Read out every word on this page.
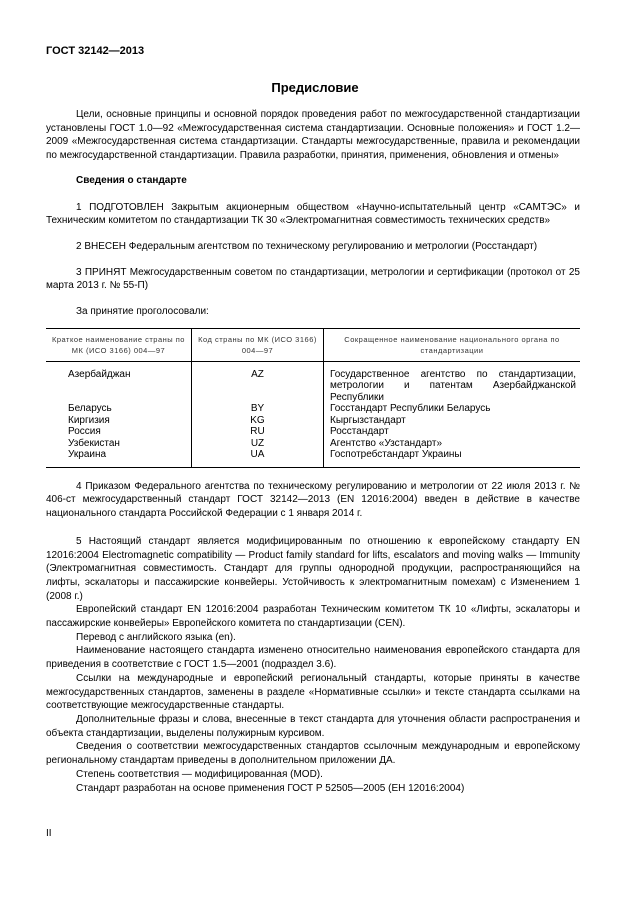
ГОСТ 32142—2013
Предисловие

Цели, основные принципы и основной порядок проведения работ по межгосударственной стандартизации установлены ГОСТ 1.0—92 «Межгосударственная система стандартизации. Основные положения» и ГОСТ 1.2—2009 «Межгосударственная система стандартизации. Стандарты межгосударственные, правила и рекомендации по межгосударственной стандартизации. Правила разработки, принятия, применения, обновления и отмены»

Сведения о стандарте

1 ПОДГОТОВЛЕН Закрытым акционерным обществом «Научно-испытательный центр «САМТЭС» и Техническим комитетом по стандартизации ТК 30 «Электромагнитная совместимость технических средств»

2 ВНЕСЕН Федеральным агентством по техническому регулированию и метрологии (Росстандарт)

3 ПРИНЯТ Межгосударственным советом по стандартизации, метрологии и сертификации (протокол от 25 марта 2013 г. № 55-П)

За принятие проголосовали:

Краткое наименование страны по МК (ИСО 3166) 004—97	Код страны по МК (ИСО 3166) 004—97	Сокращенное наименование национального органа по стандартизации
Азербайджан	AZ	Государственное агентство по стандартизации, метрологии и патентам Азербайджанской Республики
Беларусь	BY	Госстандарт Республики Беларусь
Киргизия	KG	Кыргызстандарт
Россия	RU	Росстандарт
Узбекистан	UZ	Агентство «Узстандарт»
Украина	UA	Госпотребстандарт Украины

4 Приказом Федерального агентства по техническому регулированию и метрологии от 22 июля 2013 г. № 406-ст межгосударственный стандарт ГОСТ 32142—2013 (EN 12016:2004) введен в действие в качестве национального стандарта Российской Федерации с 1 января 2014 г.

5 Настоящий стандарт является модифицированным по отношению к европейскому стандарту EN 12016:2004 Electromagnetic compatibility — Product family standard for lifts, escalators and moving walks — Immunity (Электромагнитная совместимость. Стандарт для группы однородной продукции, распространяющийся на лифты, эскалаторы и пассажирские конвейеры. Устойчивость к электромагнитным помехам) с Изменением 1 (2008 г.)

Европейский стандарт EN 12016:2004 разработан Техническим комитетом ТК 10 «Лифты, эскалаторы и пассажирские конвейеры» Европейского комитета по стандартизации (CEN).

Перевод с английского языка (en).

Наименование настоящего стандарта изменено относительно наименования европейского стандарта для приведения в соответствие с ГОСТ 1.5—2001 (подраздел 3.6).

Ссылки на международные и европейский региональный стандарты, которые приняты в качестве межгосударственных стандартов, заменены в разделе «Нормативные ссылки» и тексте стандарта ссылками на соответствующие межгосударственные стандарты.

Дополнительные фразы и слова, внесенные в текст стандарта для уточнения области распространения и объекта стандартизации, выделены полужирным курсивом.

Сведения о соответствии межгосударственных стандартов ссылочным международным и европейскому региональному стандартам приведены в дополнительном приложении ДА.

Степень соответствия — модифицированная (MOD).

Стандарт разработан на основе применения ГОСТ Р 52505—2005 (ЕН 12016:2004)

II
